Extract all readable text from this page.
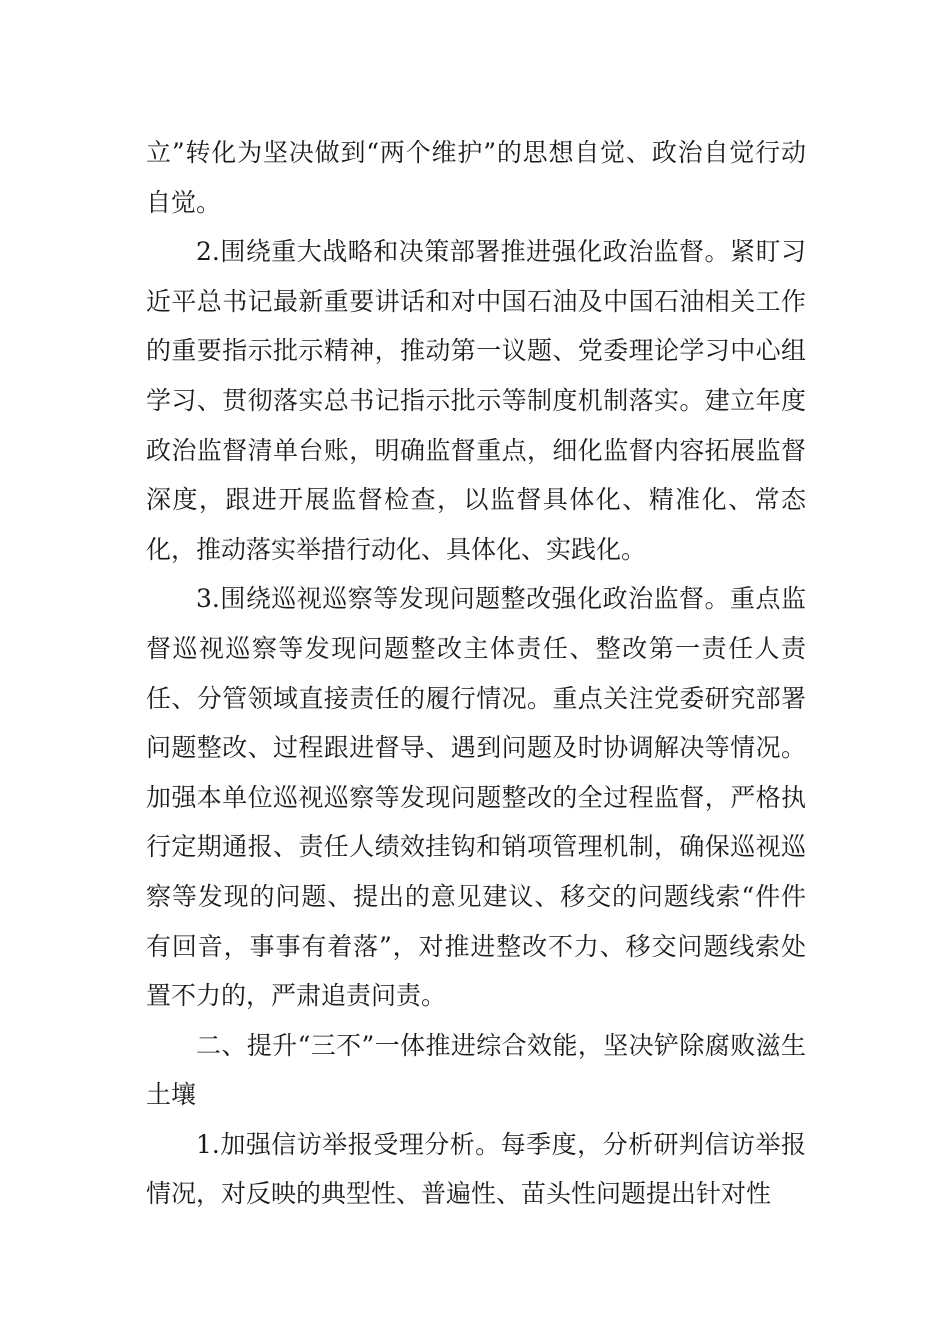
立”转化为坚决做到“两个维护”的思想自觉、政治自觉行动自觉。

2.围绕重大战略和决策部署推进强化政治监督。紧盯习近平总书记最新重要讲话和对中国石油及中国石油相关工作的重要指示批示精神，推动第一议题、党委理论学习中心组学习、贯彻落实总书记指示批示等制度机制落实。建立年度政治监督清单台账，明确监督重点，细化监督内容拓展监督深度，跟进开展监督检查，以监督具体化、精准化、常态化，推动落实举措行动化、具体化、实践化。

3.围绕巡视巡察等发现问题整改强化政治监督。重点监督巡视巡察等发现问题整改主体责任、整改第一责任人责任、分管领域直接责任的履行情况。重点关注党委研究部署问题整改、过程跟进督导、遇到问题及时协调解决等情况。加强本单位巡视巡察等发现问题整改的全过程监督，严格执行定期通报、责任人绩效挂钩和销项管理机制，确保巡视巡察等发现的问题、提出的意见建议、移交的问题线索“件件有回音，事事有着落”，对推进整改不力、移交问题线索处置不力的，严肃追责问责。

二、提升“三不”一体推进综合效能，坚决铲除腐败滋生土壤

1.加强信访举报受理分析。每季度，分析研判信访举报情况，对反映的典型性、普遍性、苗头性问题提出针对性
